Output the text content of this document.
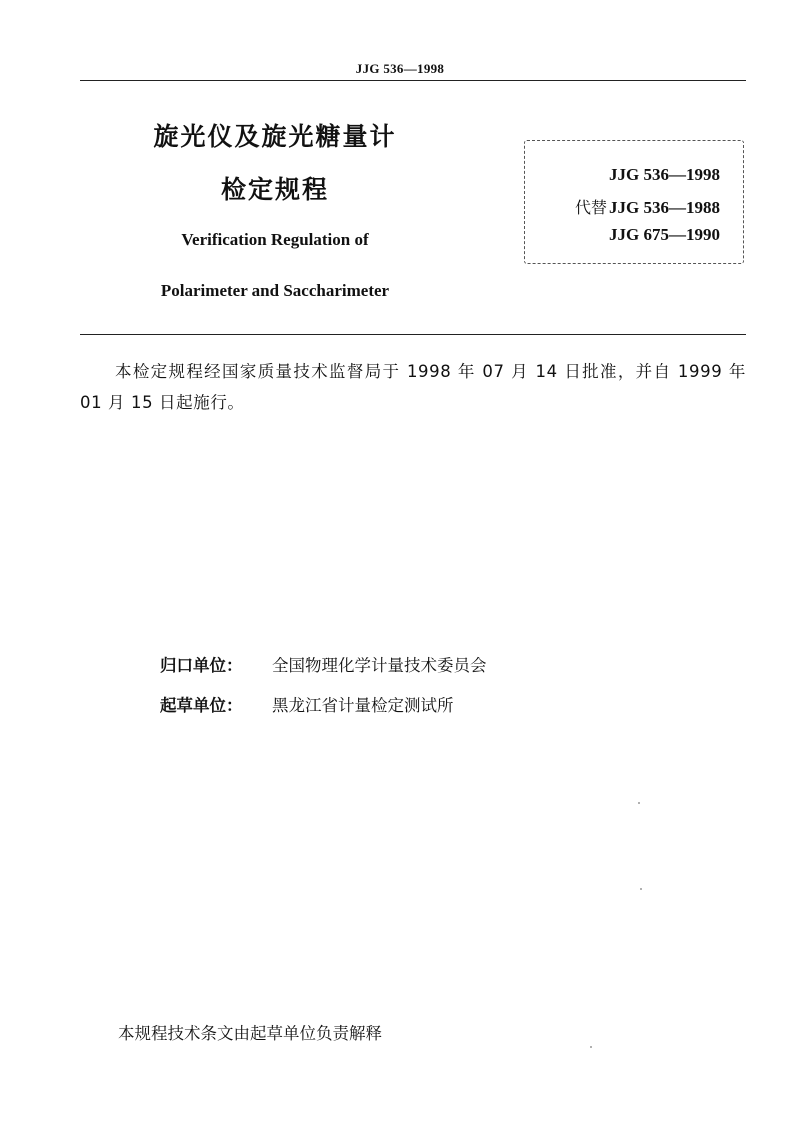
JJG 536—1998
旋光仪及旋光糖量计
检定规程
Verification Regulation of
Polarimeter and Saccharimeter
JJG 536—1998
代替 JJG 536—1988
JJG 675—1990
本检定规程经国家质量技术监督局于 1998 年 07 月 14 日批准，并自 1999 年 01 月 15 日起施行。
归口单位： 全国物理化学计量技术委员会
起草单位： 黑龙江省计量检定测试所
本规程技术条文由起草单位负责解释
